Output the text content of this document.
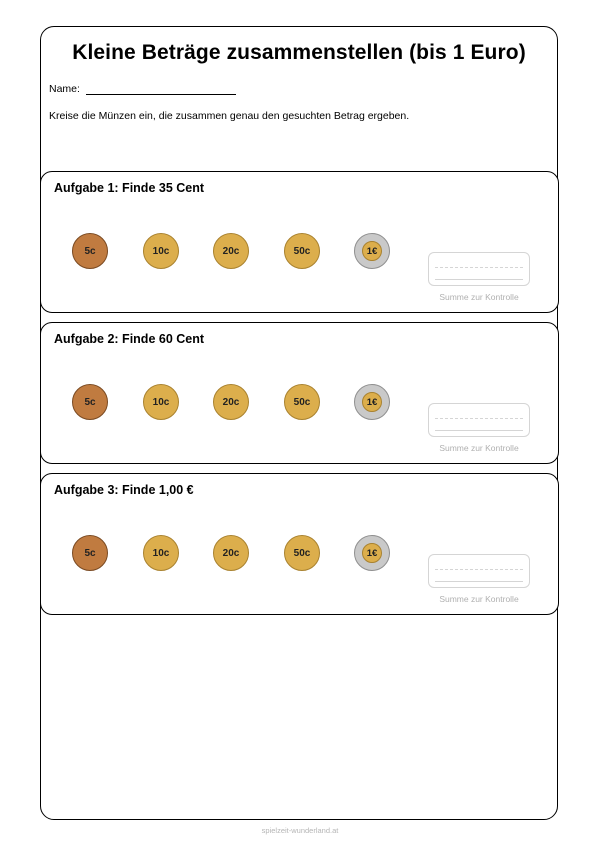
Kleine Beträge zusammenstellen (bis 1 Euro)
Name:
Kreise die Münzen ein, die zusammen genau den gesuchten Betrag ergeben.
Aufgabe 1: Finde 35 Cent
5c	10c	20c	50c	1€
Summe zur Kontrolle
Aufgabe 2: Finde 60 Cent
5c	10c	20c	50c	1€
Summe zur Kontrolle
Aufgabe 3: Finde 1,00 €
5c	10c	20c	50c	1€
Summe zur Kontrolle
spielzeit-wunderland.at
